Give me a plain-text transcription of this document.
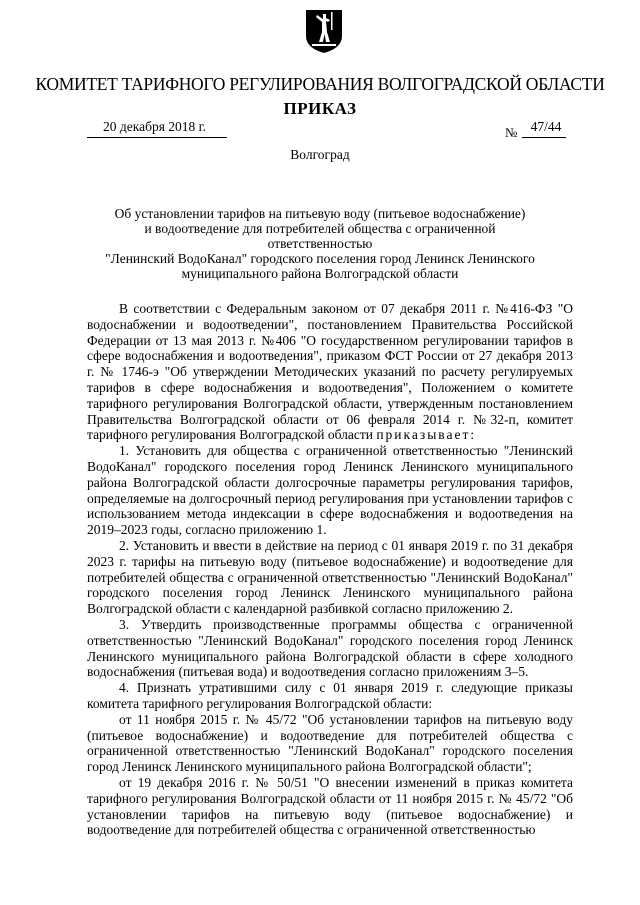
КОМИТЕТ ТАРИФНОГО РЕГУЛИРОВАНИЯ ВОЛГОГРАДСКОЙ ОБЛАСТИ
ПРИКАЗ
20 декабря 2018 г.	№ 47/44
Волгоград
Об установлении тарифов на питьевую воду (питьевое водоснабжение)
и водоотведение для потребителей общества с ограниченной ответственностью
"Ленинский ВодоКанал" городского поселения город Ленинск Ленинского
муниципального района Волгоградской области

В соответствии с Федеральным законом от 07 декабря 2011 г. №416-ФЗ "О водоснабжении и водоотведении", постановлением Правительства Российской Федерации от 13 мая 2013 г. №406 "О государственном регулировании тарифов в сфере водоснабжения и водоотведения", приказом ФСТ России от 27 декабря 2013 г. № 1746-э "Об утверждении Методических указаний по расчету регулируемых тарифов в сфере водоснабжения и водоотведения", Положением о комитете тарифного регулирования Волгоградской области, утвержденным постановлением Правительства Волгоградской области от 06 февраля 2014 г. №32-п, комитет тарифного регулирования Волгоградской области приказывает:

1. Установить для общества с ограниченной ответственностью "Ленинский ВодоКанал" городского поселения город Ленинск Ленинского муниципального района Волгоградской области долгосрочные параметры регулирования тарифов, определяемые на долгосрочный период регулирования при установлении тарифов с использованием метода индексации в сфере водоснабжения и водоотведения на 2019–2023 годы, согласно приложению 1.

2. Установить и ввести в действие на период с 01 января 2019 г. по 31 декабря 2023 г. тарифы на питьевую воду (питьевое водоснабжение) и водоотведение для потребителей общества с ограниченной ответственностью "Ленинский ВодоКанал" городского поселения город Ленинск Ленинского муниципального района Волгоградской области с календарной разбивкой согласно приложению 2.

3. Утвердить производственные программы общества с ограниченной ответственностью "Ленинский ВодоКанал" городского поселения город Ленинск Ленинского муниципального района Волгоградской области в сфере холодного водоснабжения (питьевая вода) и водоотведения согласно приложениям 3–5.

4. Признать утратившими силу с 01 января 2019 г. следующие приказы комитета тарифного регулирования Волгоградской области:

от 11 ноября 2015 г. № 45/72 "Об установлении тарифов на питьевую воду (питьевое водоснабжение) и водоотведение для потребителей общества с ограниченной ответственностью "Ленинский ВодоКанал" городского поселения город Ленинск Ленинского муниципального района Волгоградской области";

от 19 декабря 2016 г. № 50/51 "О внесении изменений в приказ комитета тарифного регулирования Волгоградской области от 11 ноября 2015 г. № 45/72 "Об установлении тарифов на питьевую воду (питьевое водоснабжение) и водоотведение для потребителей общества с ограниченной ответственностью
